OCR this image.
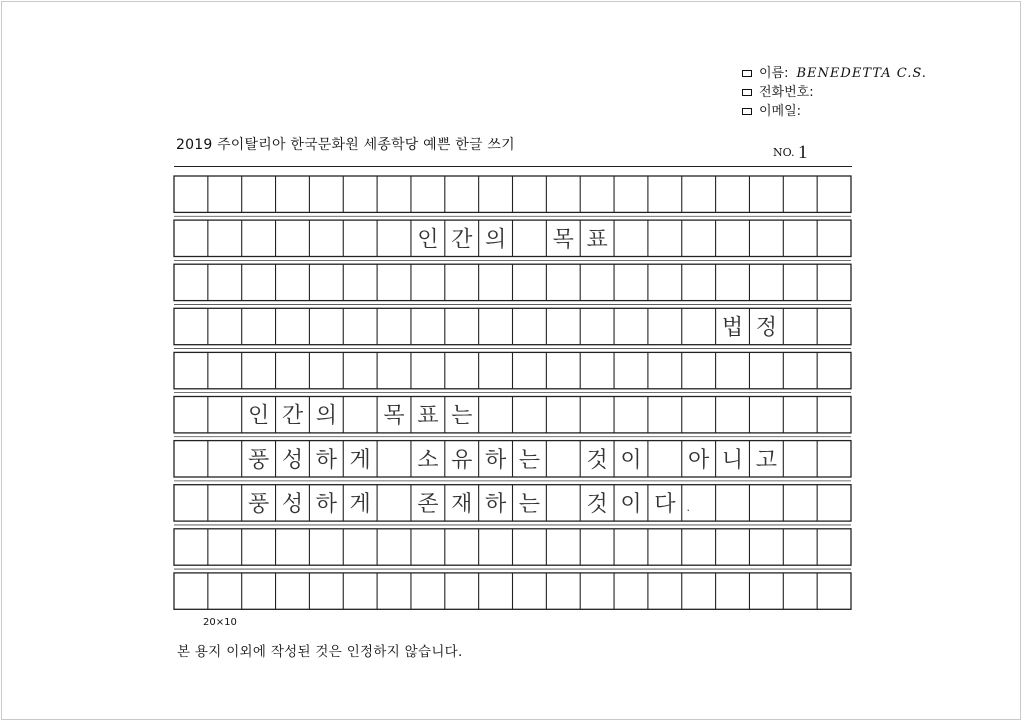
이름: BENEDETTA C.S.
전화번호:
이메일:
2019 주이탈리아 한국문화원 세종학당 예쁜 한글 쓰기	NO. 1
인 간 의 목 표
법 정
인 간 의 목 표 는
풍 성 하 게 소 유 하 는 것 이 아 니 고
풍 성 하 게 존 재 하 는 것 이 다 .
20×10
본 용지 이외에 작성된 것은 인정하지 않습니다.
